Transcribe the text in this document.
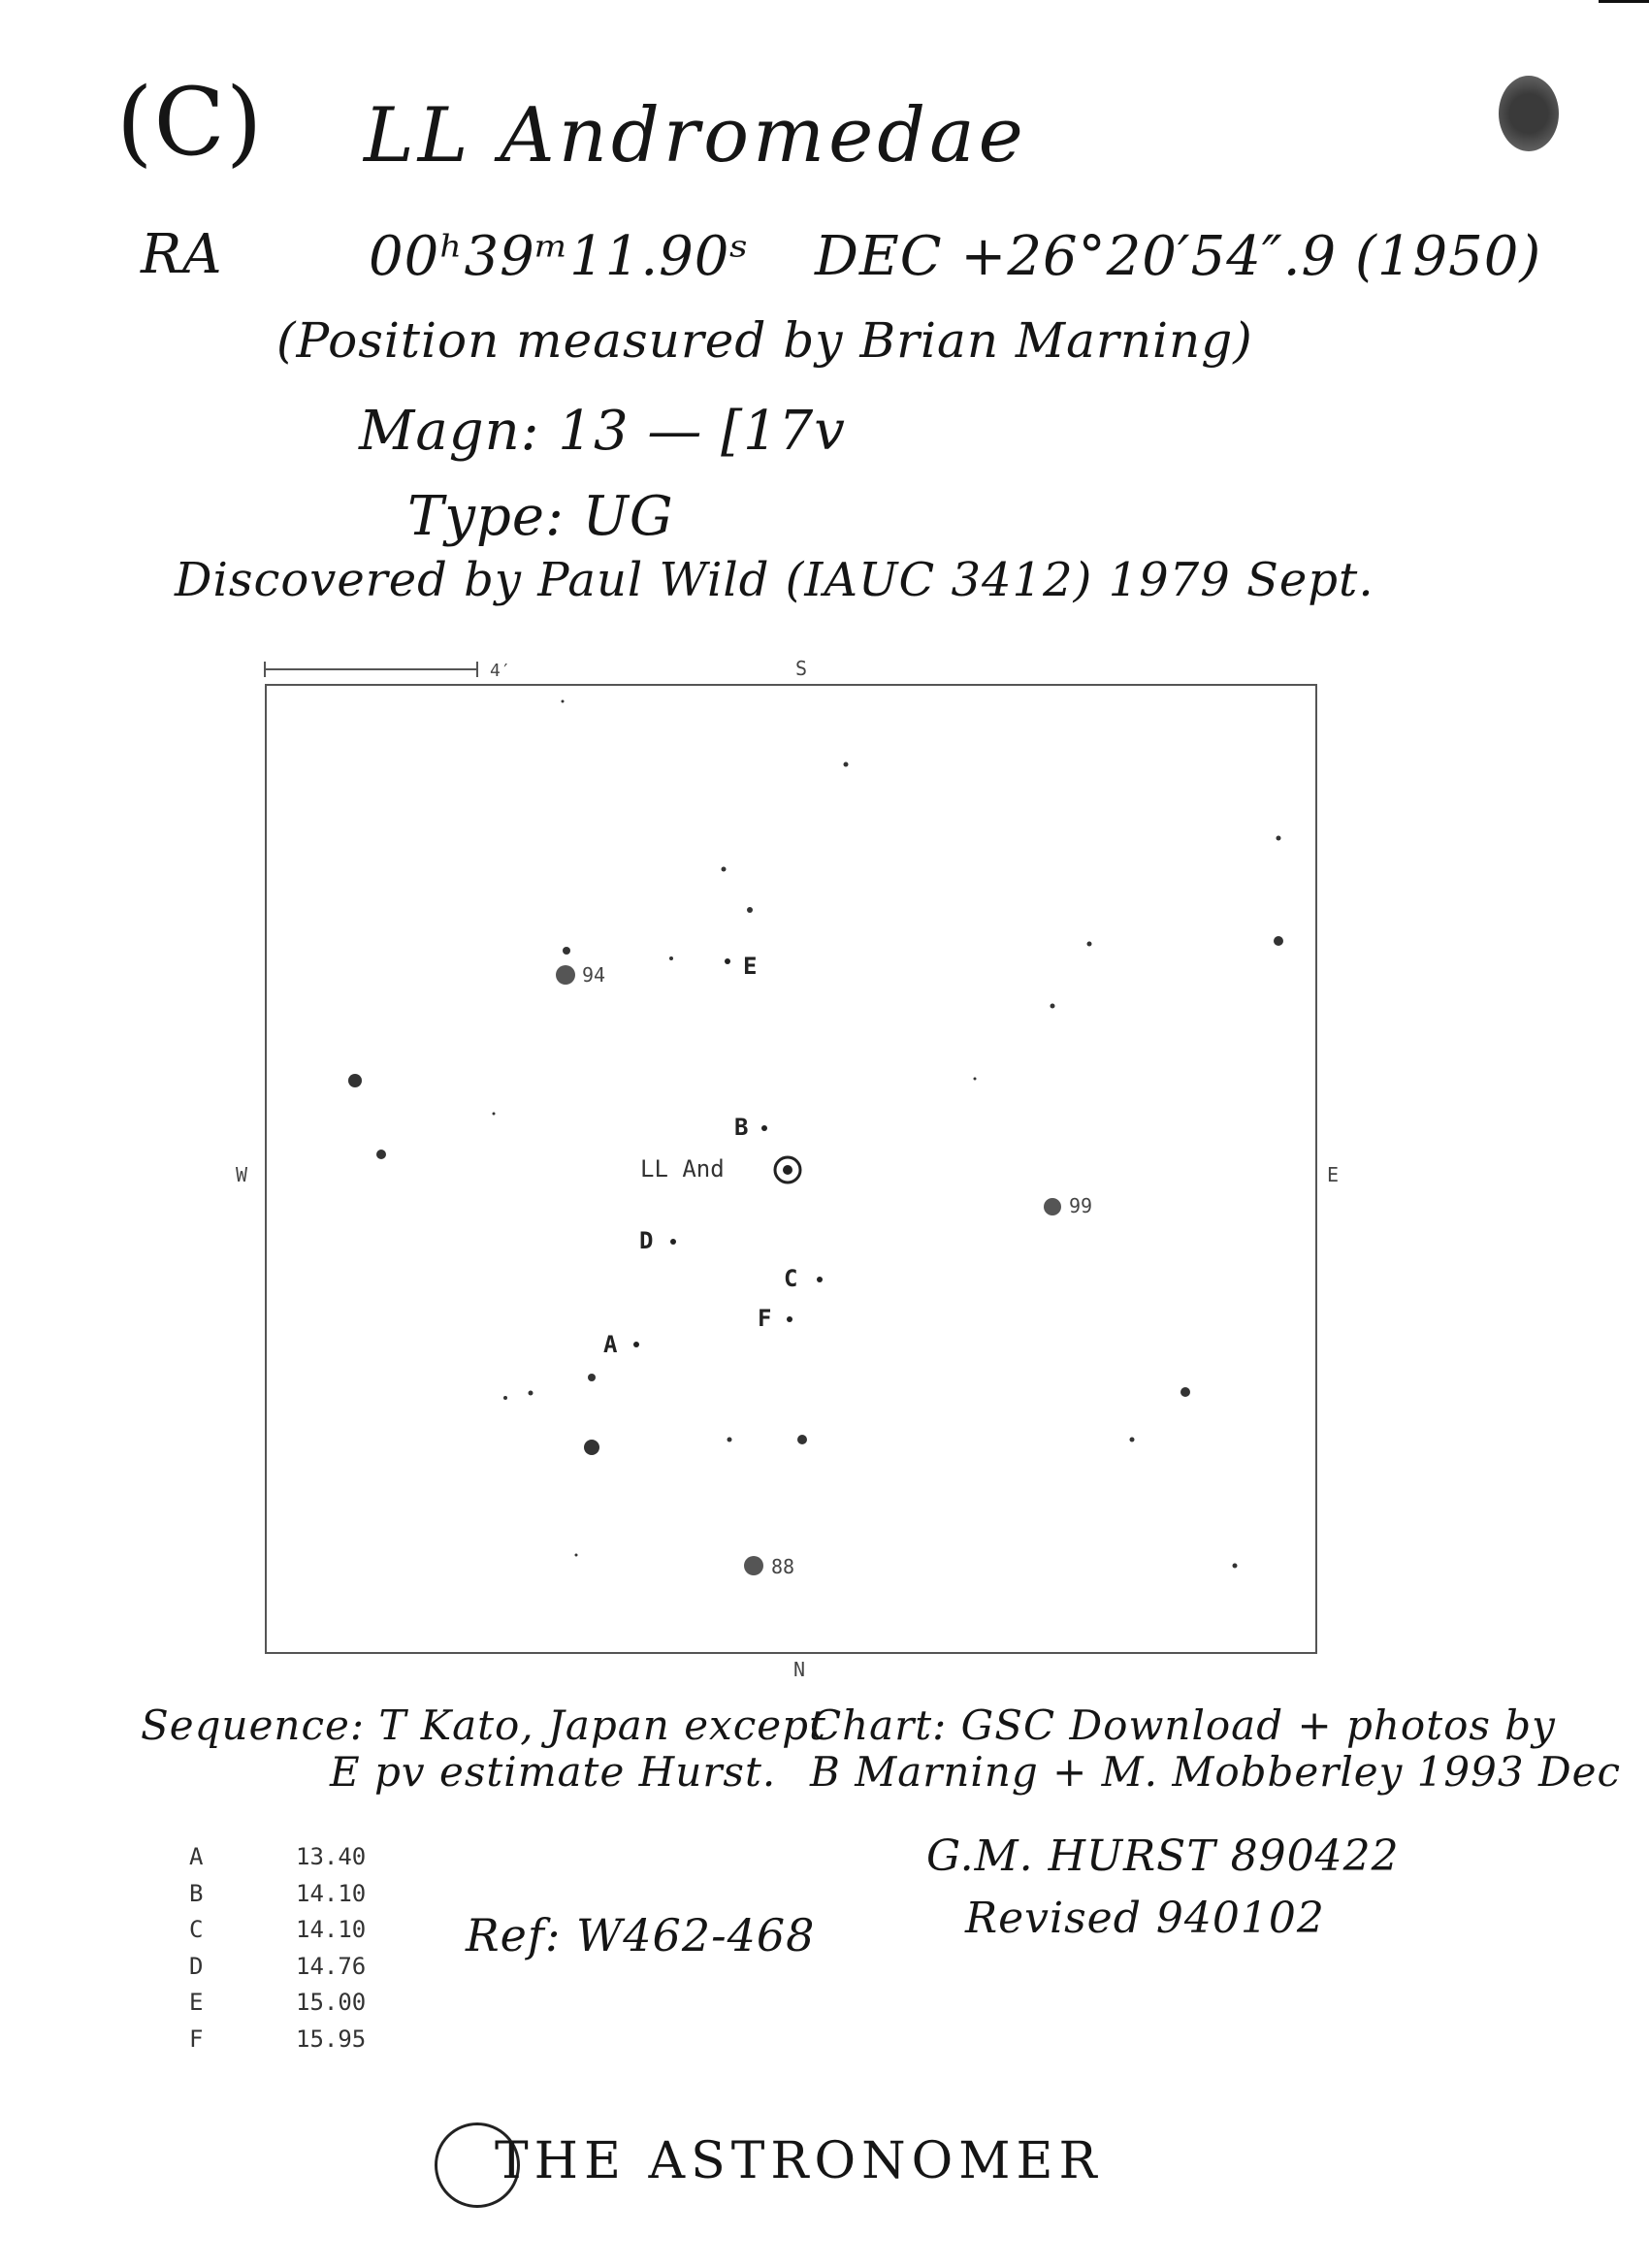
(C) LL Andromedae
RA	00ʰ39ᵐ11.90ˢ DEC +26°20′54″.9 (1950)
(Position measured by Brian Marning)
Magn: 13 — [17v
Type: UG
Discovered by Paul Wild (IAUC 3412) 1979 Sept.
4′	S
N
W	E
LL And
B
D
C
F
A
E
94
99
88
Sequence: T Kato, Japan except
E pv estimate Hurst.
Chart: GSC Download + photos by
B Marning + M. Mobberley 1993 Dec
A	13.40
B	14.10
C	14.10
D	14.76
E	15.00
F	15.95
Ref: W462-468
G.M. HURST 890422
Revised 940102
THE ASTRONOMER
